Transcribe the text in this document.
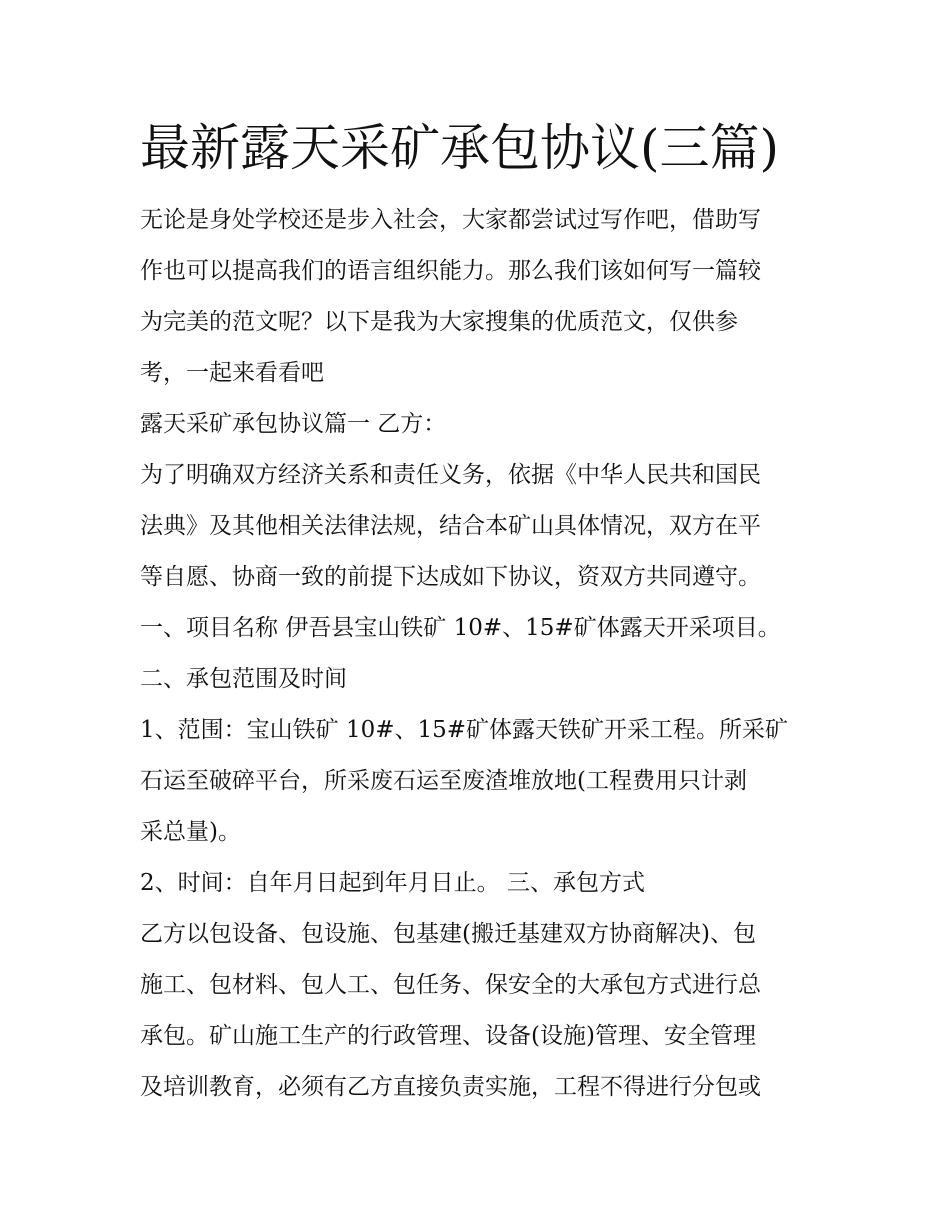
最新露天采矿承包协议(三篇)
无论是身处学校还是步入社会，大家都尝试过写作吧，借助写
作也可以提高我们的语言组织能力。那么我们该如何写一篇较
为完美的范文呢？以下是我为大家搜集的优质范文，仅供参
考，一起来看看吧
露天采矿承包协议篇一 乙方：
为了明确双方经济关系和责任义务，依据《中华人民共和国民
法典》及其他相关法律法规，结合本矿山具体情况，双方在平
等自愿、协商一致的前提下达成如下协议，资双方共同遵守。
一、项目名称 伊吾县宝山铁矿 10#、15#矿体露天开采项目。
二、承包范围及时间
1、范围：宝山铁矿 10#、15#矿体露天铁矿开采工程。所采矿
石运至破碎平台，所采废石运至废渣堆放地(工程费用只计剥
采总量)。
2、时间：自年月日起到年月日止。 三、承包方式
乙方以包设备、包设施、包基建(搬迁基建双方协商解决)、包
施工、包材料、包人工、包任务、保安全的大承包方式进行总
承包。矿山施工生产的行政管理、设备(设施)管理、安全管理
及培训教育，必须有乙方直接负责实施，工程不得进行分包或
